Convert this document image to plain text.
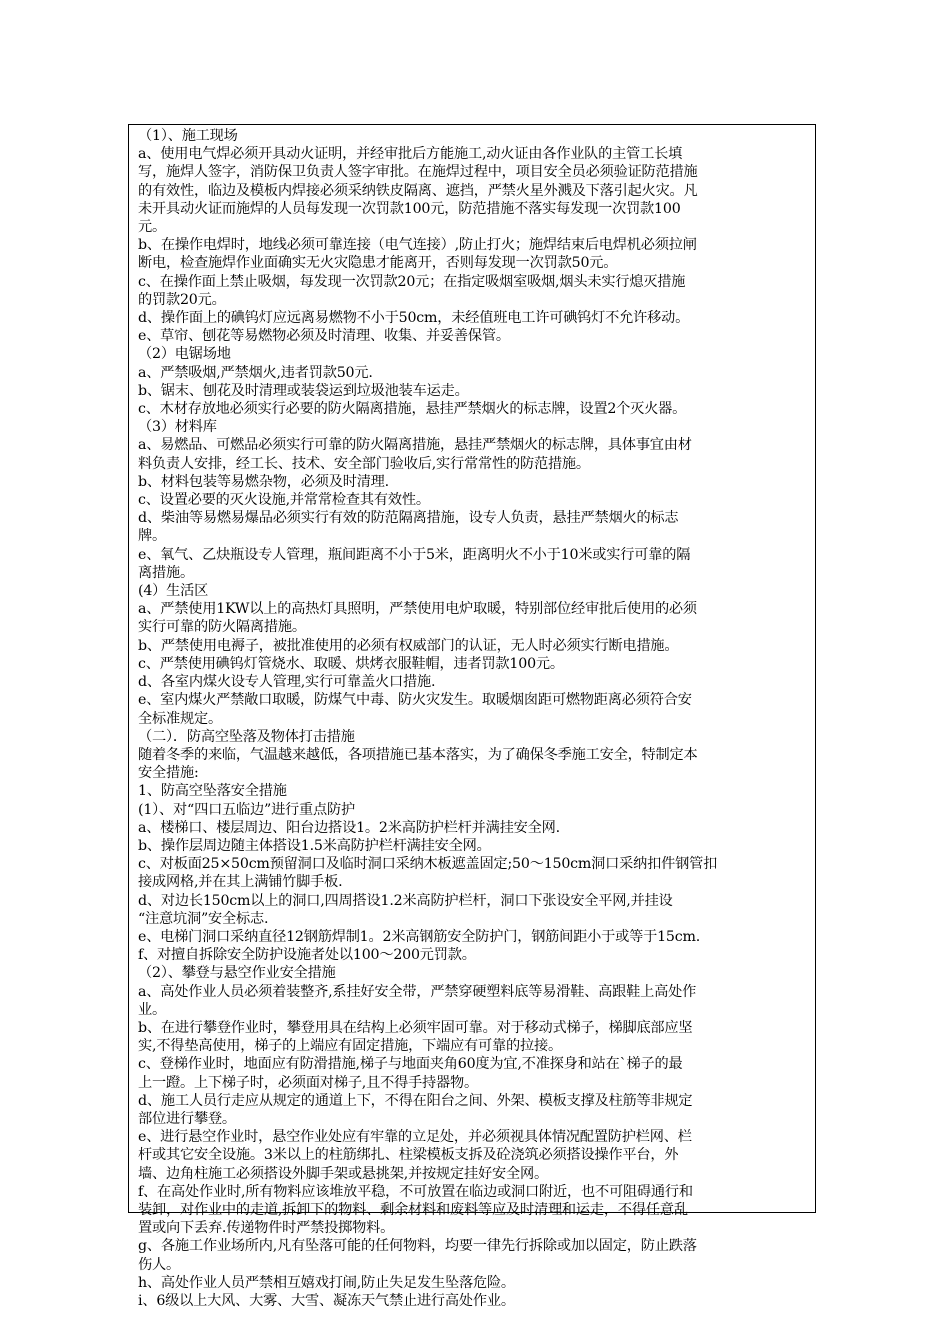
（1）、施工现场
a、使用电气焊必须开具动火证明，并经审批后方能施工,动火证由各作业队的主管工长填
写，施焊人签字，消防保卫负责人签字审批。在施焊过程中，项目安全员必须验证防范措施
的有效性，临边及模板内焊接必须采纳铁皮隔离、遮挡，严禁火星外溅及下落引起火灾。凡
未开具动火证而施焊的人员每发现一次罚款100元，防范措施不落实每发现一次罚款100
元。
b、在操作电焊时，地线必须可靠连接（电气连接）,防止打火；施焊结束后电焊机必须拉闸
断电，检查施焊作业面确实无火灾隐患才能离开，否则每发现一次罚款50元。
c、在操作面上禁止吸烟，每发现一次罚款20元；在指定吸烟室吸烟,烟头未实行熄灭措施
的罚款20元。
d、操作面上的碘钨灯应远离易燃物不小于50cm，未经值班电工许可碘钨灯不允许移动。
e、草帘、刨花等易燃物必须及时清理、收集、并妥善保管。
（2）电锯场地
a、严禁吸烟,严禁烟火,违者罚款50元.
b、锯末、刨花及时清理或装袋运到垃圾池装车运走。
c、木材存放地必须实行必要的防火隔离措施，悬挂严禁烟火的标志牌，设置2个灭火器。
（3）材料库
a、易燃品、可燃品必须实行可靠的防火隔离措施，悬挂严禁烟火的标志牌，具体事宜由材
料负责人安排，经工长、技术、安全部门验收后,实行常常性的防范措施。
b、材料包装等易燃杂物，必须及时清理.
c、设置必要的灭火设施,并常常检查其有效性。
d、柴油等易燃易爆品必须实行有效的防范隔离措施，设专人负责，悬挂严禁烟火的标志
牌。
e、氧气、乙炔瓶设专人管理，瓶间距离不小于5米，距离明火不小于10米或实行可靠的隔
离措施。
(4）生活区
a、严禁使用1KW以上的高热灯具照明，严禁使用电炉取暖，特别部位经审批后使用的必须
实行可靠的防火隔离措施。
b、严禁使用电褥子，被批准使用的必须有权威部门的认证，无人时必须实行断电措施。
c、严禁使用碘钨灯管烧水、取暖、烘烤衣服鞋帽，违者罚款100元。
d、各室内煤火设专人管理,实行可靠盖火口措施.
e、室内煤火严禁敞口取暖，防煤气中毒、防火灾发生。取暖烟囱距可燃物距离必须符合安
全标准规定。
（二）．防高空坠落及物体打击措施
随着冬季的来临，气温越来越低，各项措施已基本落实，为了确保冬季施工安全，特制定本
安全措施:
1、防高空坠落安全措施
(1）、对“四口五临边”进行重点防护
a、楼梯口、楼层周边、阳台边搭设1。2米高防护栏杆并满挂安全网.
b、操作层周边随主体搭设1.5米高防护栏杆满挂安全网。
c、对板面25×50cm预留洞口及临时洞口采纳木板遮盖固定;50～150cm洞口采纳扣件钢管扣
接成网格,并在其上满铺竹脚手板.
d、对边长150cm以上的洞口,四周搭设1.2米高防护栏杆，洞口下张设安全平网,并挂设
“注意坑洞”安全标志.
e、电梯门洞口采纳直径12钢筋焊制1。2米高钢筋安全防护门，钢筋间距小于或等于15cm.
f、对擅自拆除安全防护设施者处以100～200元罚款。
（2）、攀登与悬空作业安全措施
a、高处作业人员必须着装整齐,系挂好安全带，严禁穿硬塑料底等易滑鞋、高跟鞋上高处作
业。
b、在进行攀登作业时，攀登用具在结构上必须牢固可靠。对于移动式梯子，梯脚底部应坚
实,不得垫高使用，梯子的上端应有固定措施，下端应有可靠的拉接。
c、登梯作业时，地面应有防滑措施,梯子与地面夹角60度为宜,不准探身和站在`梯子的最
上一蹬。上下梯子时，必须面对梯子,且不得手持器物。
d、施工人员行走应从规定的通道上下，不得在阳台之间、外架、模板支撑及柱筋等非规定
部位进行攀登。
e、进行悬空作业时，悬空作业处应有牢靠的立足处，并必须视具体情况配置防护栏网、栏
杆或其它安全设施。3米以上的柱筋绑扎、柱梁模板支拆及砼浇筑必须搭设操作平台，外
墙、边角柱施工必须搭设外脚手架或悬挑架,并按规定挂好安全网。
f、在高处作业时,所有物料应该堆放平稳，不可放置在临边或洞口附近，也不可阻碍通行和
装卸，对作业中的走道,拆卸下的物料、剩余材料和废料等应及时清理和运走，不得任意乱
置或向下丢弃.传递物件时严禁投掷物料。
g、各施工作业场所内,凡有坠落可能的任何物料，均要一律先行拆除或加以固定，防止跌落
伤人。
h、高处作业人员严禁相互嬉戏打闹,防止失足发生坠落危险。
i、6级以上大风、大雾、大雪、凝冻天气禁止进行高处作业。
